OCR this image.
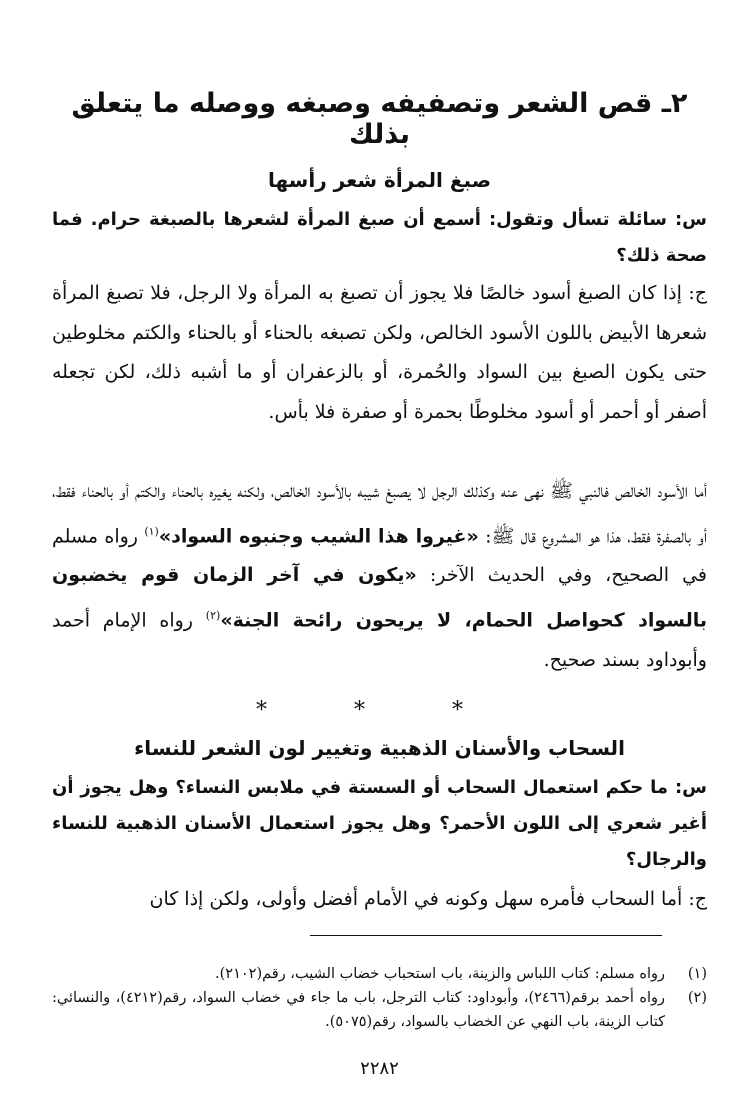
٢ـ قص الشعر وتصفيفه وصبغه ووصله ما يتعلق بذلك
صبغ المرأة شعر رأسها

س: سائلة تسأل وتقول: أسمع أن صبغ المرأة لشعرها بالصبغة حرام. فما صحة ذلك؟

ج: إذا كان الصبغ أسود خالصًا فلا يجوز أن تصبغ به المرأة ولا الرجل، فلا تصبغ المرأة شعرها الأبيض باللون الأسود الخالص، ولكن تصبغه بالحناء أو بالحناء والكتم مخلوطين حتى يكون الصبغ بين السواد والحُمرة، أو بالزعفران أو ما أشبه ذلك، لكن تجعله أصفر أو أحمر أو أسود مخلوطًا بحمرة أو صفرة فلا بأس.

أما الأسود الخالص فالنبي ﷺ نهى عنه وكذلك الرجل لا يصبغ شيبه بالأسود الخالص، ولكنه يغيره بالحناء والكتم أو بالحناء فقط، أو بالصفرة فقط، هذا هو المشروع قال ﷺ: «غيروا هذا الشيب وجنبوه السواد»$^{(١)}$ رواه مسلم في الصحيح، وفي الحديث الآخر: «يكون في آخر الزمان قوم يخضبون بالسواد كحواصل الحمام، لا يريحون رائحة الجنة»$^{(٢)}$ رواه الإمام أحمد وأبوداود بسند صحيح.

* * *
السحاب والأسنان الذهبية وتغيير لون الشعر للنساء

س: ما حكم استعمال السحاب أو السستة في ملابس النساء؟ وهل يجوز أن أغير شعري إلى اللون الأحمر؟ وهل يجوز استعمال الأسنان الذهبية للنساء والرجال؟

ج: أما السحاب فأمره سهل وكونه في الأمام أفضل وأولى، ولكن إذا كان

(١)
رواه مسلم: كتاب اللباس والزينة، باب استحباب خضاب الشيب، رقم(٢١٠٢).

(٢)
رواه أحمد برقم(٢٤٦٦)، وأبوداود: كتاب الترجل، باب ما جاء في خضاب السواد، رقم(٤٢١٢)، والنسائي: كتاب الزينة، باب النهي عن الخضاب بالسواد، رقم(٥٠٧٥).

٢٢٨٢
